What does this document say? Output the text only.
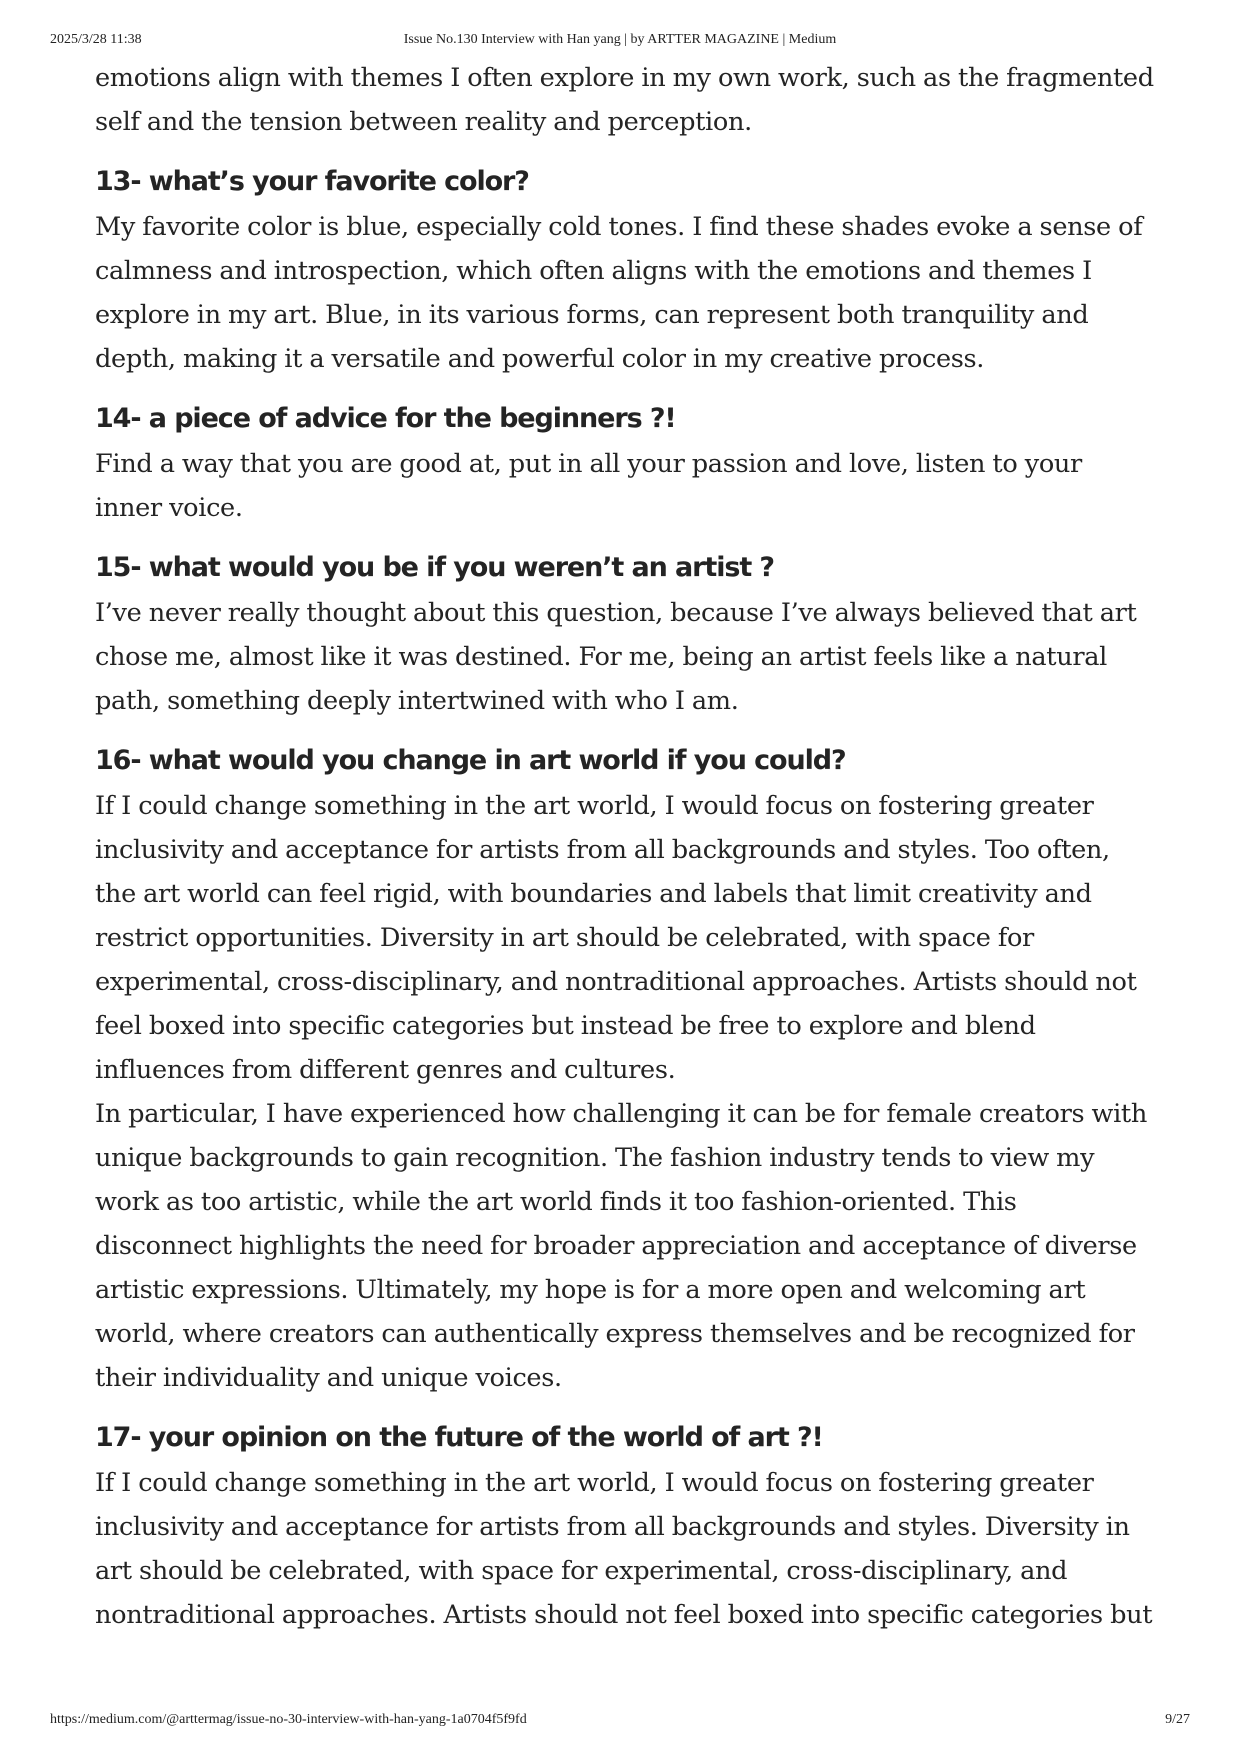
2025/3/28 11:38	Issue No.130 Interview with Han yang | by ARTTER MAGAZINE | Medium

emotions align with themes I often explore in my own work, such as the fragmented self and the tension between reality and perception.

13- what’s your favorite color?

My favorite color is blue, especially cold tones. I find these shades evoke a sense of calmness and introspection, which often aligns with the emotions and themes I explore in my art. Blue, in its various forms, can represent both tranquility and depth, making it a versatile and powerful color in my creative process.

14- a piece of advice for the beginners ?!

Find a way that you are good at, put in all your passion and love, listen to your inner voice.

15- what would you be if you weren’t an artist ?

I’ve never really thought about this question, because I’ve always believed that art chose me, almost like it was destined. For me, being an artist feels like a natural path, something deeply intertwined with who I am.

16- what would you change in art world if you could?

If I could change something in the art world, I would focus on fostering greater inclusivity and acceptance for artists from all backgrounds and styles. Too often, the art world can feel rigid, with boundaries and labels that limit creativity and restrict opportunities. Diversity in art should be celebrated, with space for experimental, cross-disciplinary, and nontraditional approaches. Artists should not feel boxed into specific categories but instead be free to explore and blend influences from different genres and cultures.

In particular, I have experienced how challenging it can be for female creators with unique backgrounds to gain recognition. The fashion industry tends to view my work as too artistic, while the art world finds it too fashion-oriented. This disconnect highlights the need for broader appreciation and acceptance of diverse artistic expressions. Ultimately, my hope is for a more open and welcoming art world, where creators can authentically express themselves and be recognized for their individuality and unique voices.

17- your opinion on the future of the world of art ?!

If I could change something in the art world, I would focus on fostering greater inclusivity and acceptance for artists from all backgrounds and styles. Diversity in art should be celebrated, with space for experimental, cross-disciplinary, and nontraditional approaches. Artists should not feel boxed into specific categories but

https://medium.com/@arttermag/issue-no-30-interview-with-han-yang-1a0704f5f9fd	9/27
